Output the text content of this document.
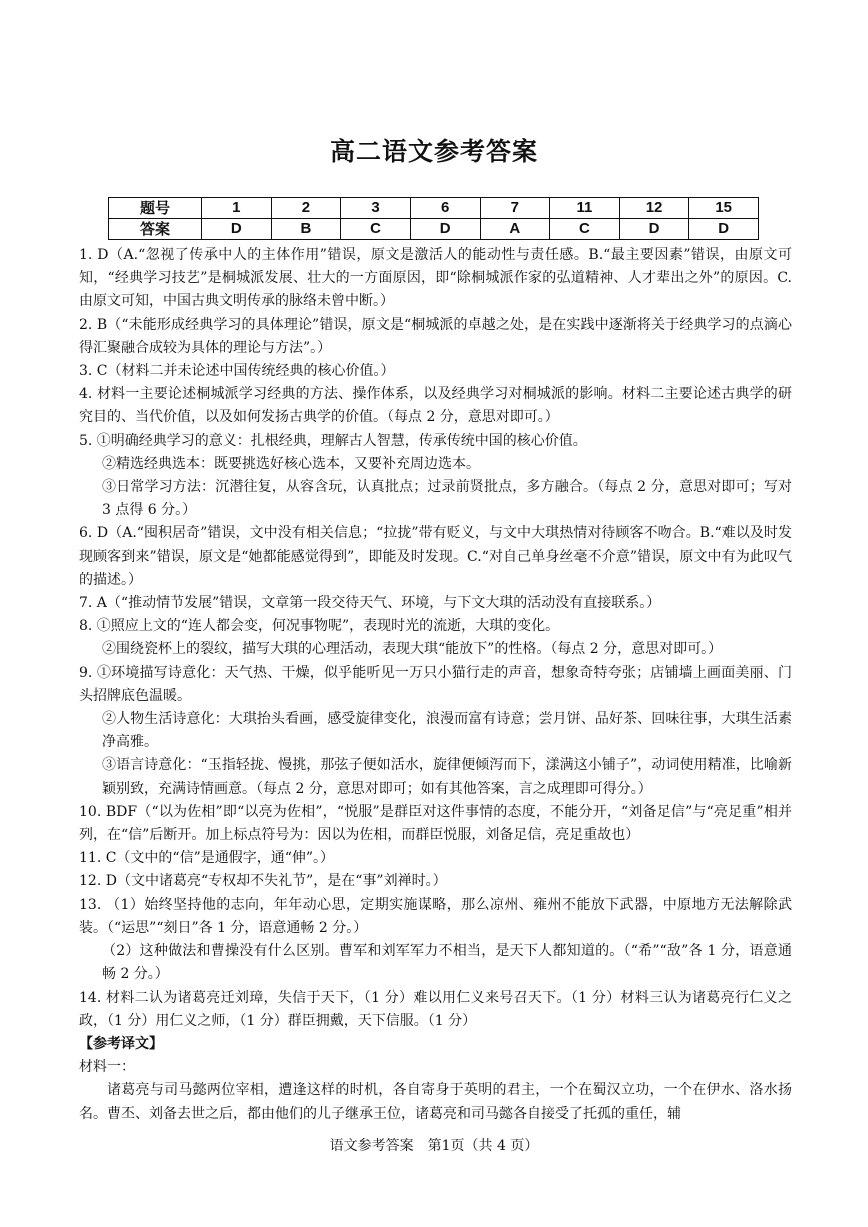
高二语文参考答案
题号	1	2	3	6	7	11	12	15
答案	D	B	C	D	A	C	D	D

1. D（A.“忽视了传承中人的主体作用”错误，原文是激活人的能动性与责任感。B.“最主要因素”错误，由原文可知，“经典学习技艺”是桐城派发展、壮大的一方面原因，即“除桐城派作家的弘道精神、人才辈出之外”的原因。C.由原文可知，中国古典文明传承的脉络未曾中断。）

2. B（“未能形成经典学习的具体理论”错误，原文是“桐城派的卓越之处，是在实践中逐渐将关于经典学习的点滴心得汇聚融合成较为具体的理论与方法”。）

3. C（材料二并未论述中国传统经典的核心价值。）

4. 材料一主要论述桐城派学习经典的方法、操作体系，以及经典学习对桐城派的影响。材料二主要论述古典学的研究目的、当代价值，以及如何发扬古典学的价值。（每点 2 分，意思对即可。）

5. ①明确经典学习的意义：扎根经典，理解古人智慧，传承传统中国的核心价值。

②精选经典选本：既要挑选好核心选本，又要补充周边选本。

③日常学习方法：沉潜往复，从容含玩，认真批点；过录前贤批点，多方融合。（每点 2 分，意思对即可；写对 3 点得 6 分。）

6. D（A.“囤积居奇”错误，文中没有相关信息；“拉拢”带有贬义，与文中大琪热情对待顾客不吻合。B.“难以及时发现顾客到来”错误，原文是“她都能感觉得到”，即能及时发现。C.“对自己单身丝毫不介意”错误，原文中有为此叹气的描述。）

7. A（“推动情节发展”错误，文章第一段交待天气、环境，与下文大琪的活动没有直接联系。）

8. ①照应上文的“连人都会变，何况事物呢”，表现时光的流逝，大琪的变化。

②围绕瓷杯上的裂纹，描写大琪的心理活动，表现大琪“能放下”的性格。（每点 2 分，意思对即可。）

9. ①环境描写诗意化：天气热、干燥，似乎能听见一万只小猫行走的声音，想象奇特夸张；店铺墙上画面美丽、门头招牌底色温暖。

②人物生活诗意化：大琪抬头看画，感受旋律变化，浪漫而富有诗意；尝月饼、品好茶、回味往事，大琪生活素净高雅。

③语言诗意化：“玉指轻拢、慢挑，那弦子便如活水，旋律便倾泻而下，漾满这小铺子”，动词使用精准，比喻新颖别致，充满诗情画意。（每点 2 分，意思对即可；如有其他答案，言之成理即可得分。）

10. BDF（“以为佐相”即“以亮为佐相”，“悦服”是群臣对这件事情的态度，不能分开，“刘备足信”与“亮足重”相并列，在“信”后断开。加上标点符号为：因以为佐相，而群臣悦服，刘备足信，亮足重故也）

11. C（文中的“信”是通假字，通“伸”。）

12. D（文中诸葛亮“专权却不失礼节”，是在“事”刘禅时。）

13. （1）始终坚持他的志向，年年动心思，定期实施谋略，那么凉州、雍州不能放下武器，中原地方无法解除武装。（“运思”“刻日”各 1 分，语意通畅 2 分。）

（2）这种做法和曹操没有什么区别。曹军和刘军军力不相当，是天下人都知道的。（“希”“敌”各 1 分，语意通畅 2 分。）

14. 材料二认为诸葛亮迁刘璋，失信于天下，（1 分）难以用仁义来号召天下。（1 分）材料三认为诸葛亮行仁义之政，（1 分）用仁义之师，（1 分）群臣拥戴，天下信服。（1 分）

【参考译文】

材料一：

诸葛亮与司马懿两位宰相，遭逢这样的时机，各自寄身于英明的君主，一个在蜀汉立功，一个在伊水、洛水扬名。曹丕、刘备去世之后，都由他们的儿子继承王位，诸葛亮和司马懿各自接受了托孤的重任，辅

语文参考答案　第1页（共 4 页）
